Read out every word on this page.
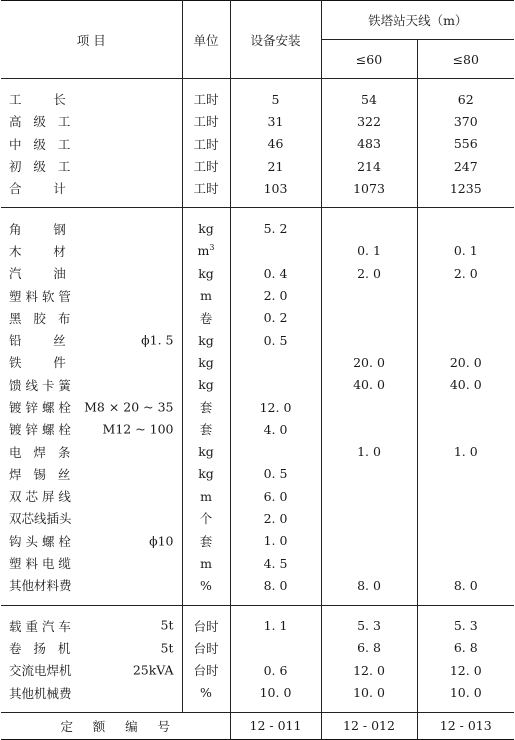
项 目	单位	设备安装	铁塔站天线（m）	
			≤60	≤80
工        长	工时	5	54	62
高   级   工	工时	31	322	370
中   级   工	工时	46	483	556
初   级   工	工时	21	214	247
合        计	工时	103	1073	1235
角        钢	kg	5. 2		
木        材	$m^3$		0. 1	0. 1
汽        油	kg	0. 4	2. 0	2. 0
塑 料 软 管	m	2. 0		
黑   胶   布	卷	0. 2		
铅        丝 ϕ1. 5	kg	0. 5		
铁        件	kg		20. 0	20. 0
馈 线 卡 簧	kg		40. 0	40. 0
镀 锌 螺 栓 M8 × 20 ~ 35	套	12. 0		
镀 锌 螺 栓 M12 ~ 100	套	4. 0		
电   焊   条	kg		1. 0	1. 0
焊   锡   丝	kg	0. 5		
双 芯 屏 线	m	6. 0		
双芯线插头	个	2. 0		
钩 头 螺 栓 ϕ10	套	1. 0		
塑 料 电 缆	m	4. 5		
其他材料费	%	8. 0	8. 0	8. 0
载 重 汽 车 5t	台时	1. 1	5. 3	5. 3
卷   扬   机 5t	台时		6. 8	6. 8
交流电焊机 25kVA	台时	0. 6	12. 0	12. 0
其他机械费	%	10. 0	10. 0	10. 0
定     额     编     号		12 - 011	12 - 012	12 - 013
